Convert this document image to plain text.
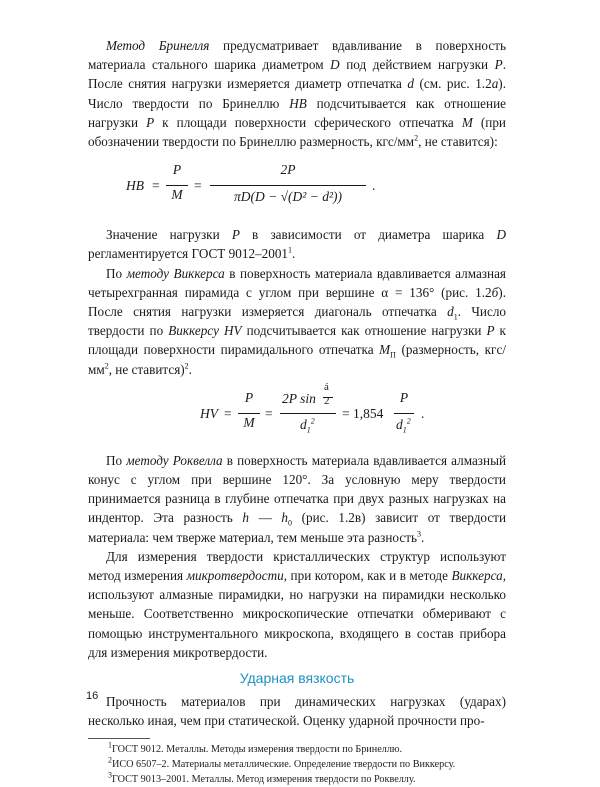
Метод Бринелля предусматривает вдавливание в поверхность материала стального шарика диаметром D под действием нагрузки P. После снятия нагрузки измеряется диаметр отпечатка d (см. рис. 1.2а). Число твердости по Бринеллю HB подсчитывается как отношение нагрузки P к площади поверхности сферического отпечатка M (при обозначении твердости по Бринеллю размерность, кгс/$мм^2$, не ставится):

HB =
P
M
=
2P
πD(D − √(D² − d²))
.

Значение нагрузки P в зависимости от диаметра шарика D регламентируется ГОСТ 9012–2001$^1$.

По методу Виккерса в поверхность материала вдавливается алмазная четырехгранная пирамида с углом при вершине α = 136° (рис. 1.2б). После снятия нагрузки измеряется диагональ отпечатка $d_1$. Число твердости по Виккерсу HV подсчитывается как отношение нагрузки P к площади поверхности пирамидального отпечатка $M_П$ (размерность, кгс/$мм^2$, не ставится)$^2$.

HV =
P
M
=
2P sin
á
2
$d_1^2 = 1,854$
P
$d_1^2$ .

По методу Роквелла в поверхность материала вдавливается алмазный конус с углом при вершине 120°. За условную меру твердости принимается разница в глубине отпечатка при двух разных нагрузках на индентор. Эта разность h — $h_0$ (рис. 1.2в) зависит от твердости материала: чем тверже материал, тем меньше эта разность$^3$.

Для измерения твердости кристаллических структур используют метод измерения микротвердости, при котором, как и в методе Виккерса, используют алмазные пирамидки, но нагрузки на пирамидки несколько меньше. Соответственно микроскопические отпечатки обмеривают с помощью инструментального микроскопа, входящего в состав прибора для измерения микротвердости.

Ударная вязкость

Прочность материалов при динамических нагрузках (ударах) несколько иная, чем при статической. Оценку ударной прочности про-

$^1$ГОСТ 9012. Металлы. Методы измерения твердости по Бринеллю.

$^2$ИСО 6507–2. Материалы металлические. Определение твердости по Виккерсу.

$^3$ГОСТ 9013–2001. Металлы. Метод измерения твердости по Роквеллу.

16
